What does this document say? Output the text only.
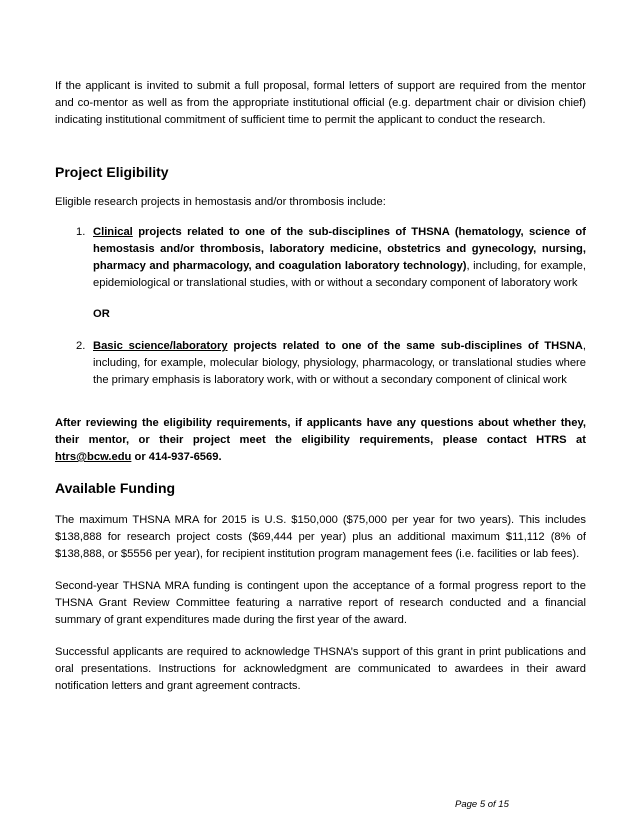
If the applicant is invited to submit a full proposal, formal letters of support are required from the mentor and co-mentor as well as from the appropriate institutional official (e.g. department chair or division chief) indicating institutional commitment of sufficient time to permit the applicant to conduct the research.

Project Eligibility

Eligible research projects in hemostasis and/or thrombosis include:

1. Clinical projects related to one of the sub-disciplines of THSNA (hematology, science of hemostasis and/or thrombosis, laboratory medicine, obstetrics and gynecology, nursing, pharmacy and pharmacology, and coagulation laboratory technology), including, for example, epidemiological or translational studies, with or without a secondary component of laboratory work
OR
2. Basic science/laboratory projects related to one of the same sub-disciplines of THSNA, including, for example, molecular biology, physiology, pharmacology, or translational studies where the primary emphasis is laboratory work, with or without a secondary component of clinical work

After reviewing the eligibility requirements, if applicants have any questions about whether they, their mentor, or their project meet the eligibility requirements, please contact HTRS at htrs@bcw.edu or 414-937-6569.

Available Funding

The maximum THSNA MRA for 2015 is U.S. $150,000 ($75,000 per year for two years). This includes $138,888 for research project costs ($69,444 per year) plus an additional maximum $11,112 (8% of $138,888, or $5556 per year), for recipient institution program management fees (i.e. facilities or lab fees).

Second-year THSNA MRA funding is contingent upon the acceptance of a formal progress report to the THSNA Grant Review Committee featuring a narrative report of research conducted and a financial summary of grant expenditures made during the first year of the award.

Successful applicants are required to acknowledge THSNA’s support of this grant in print publications and oral presentations. Instructions for acknowledgment are communicated to awardees in their award notification letters and grant agreement contracts.

Page 5 of 15
